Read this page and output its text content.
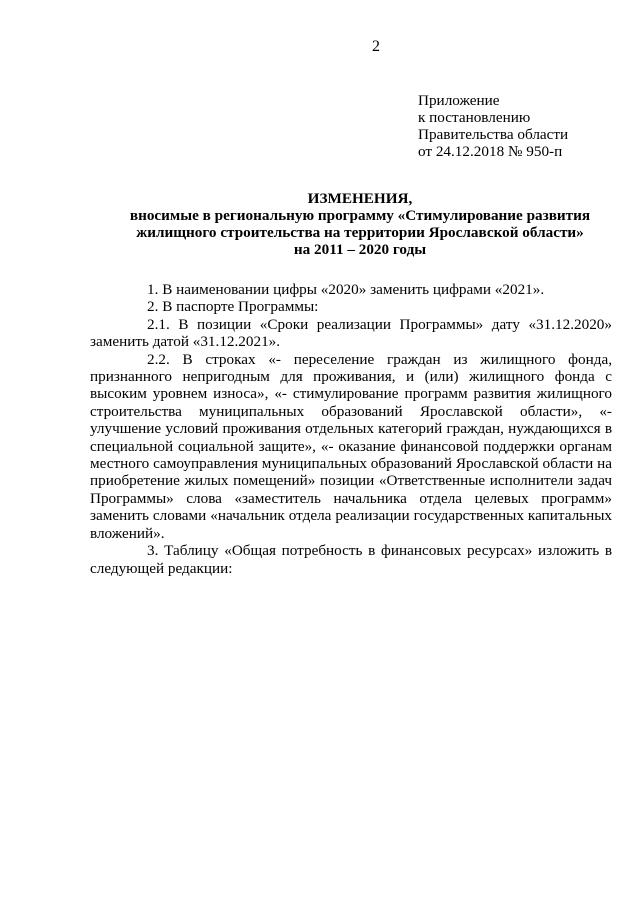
2
Приложение
к постановлению
Правительства области
от 24.12.2018 № 950-п
ИЗМЕНЕНИЯ,
вносимые в региональную программу «Стимулирование развития
жилищного строительства на территории Ярославской области»
на 2011 – 2020 годы

1. В наименовании цифры «2020» заменить цифрами «2021».

2. В паспорте Программы:

2.1. В позиции «Сроки реализации Программы» дату «31.12.2020» заменить датой «31.12.2021».

2.2. В строках «- переселение граждан из жилищного фонда, признанного непригодным для проживания, и (или) жилищного фонда с высоким уровнем износа», «- стимулирование программ развития жилищного строительства муниципальных образований Ярославской области», «- улучшение условий проживания отдельных категорий граждан, нуждающихся в специальной социальной защите», «- оказание финансовой поддержки органам местного самоуправления муниципальных образований Ярославской области на приобретение жилых помещений» позиции «Ответственные исполнители задач Программы» слова «заместитель начальника отдела целевых программ» заменить словами «начальник отдела реализации государственных капитальных вложений».

3. Таблицу «Общая потребность в финансовых ресурсах» изложить в следующей редакции:
